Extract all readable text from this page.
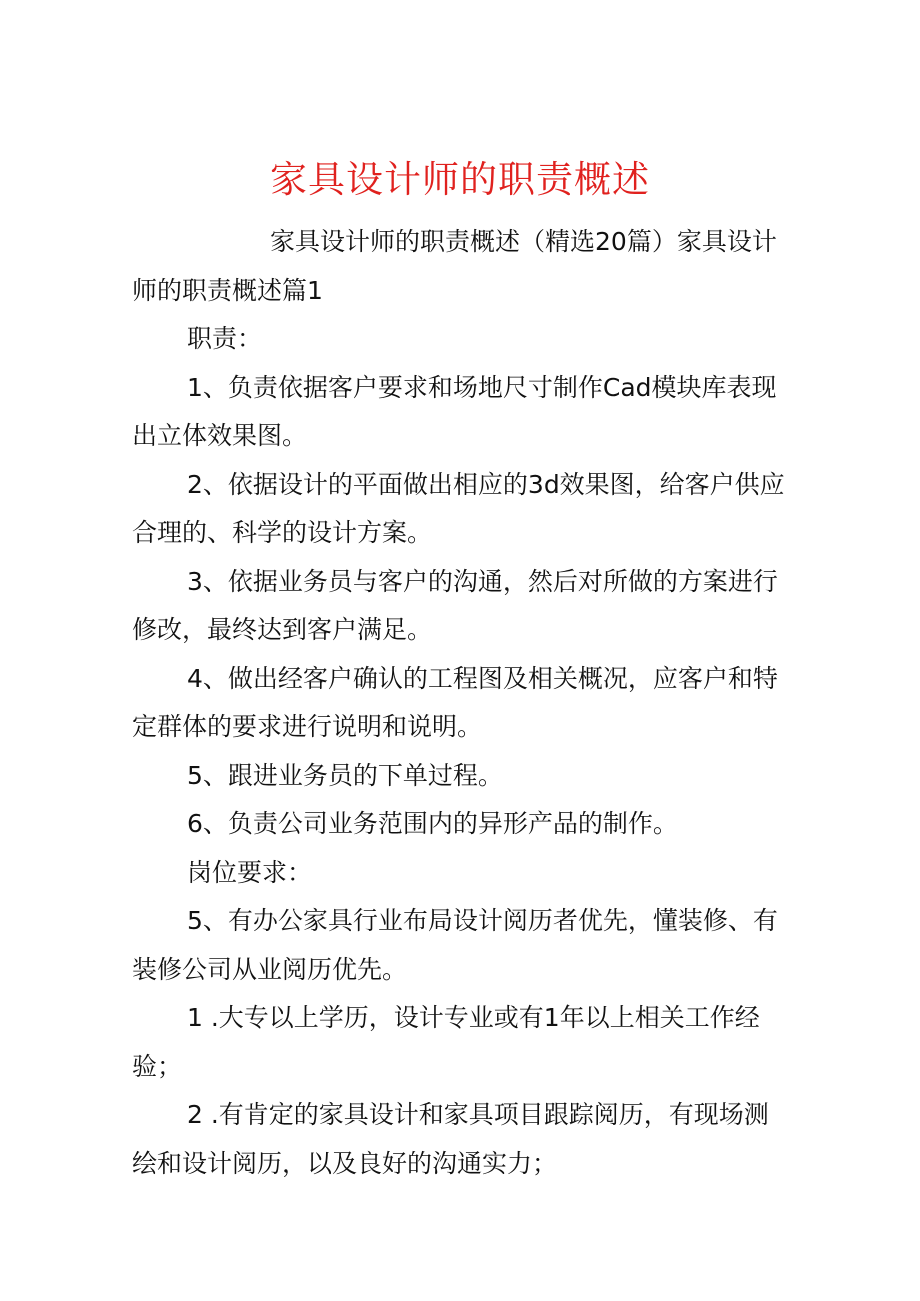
家具设计师的职责概述

家具设计师的职责概述（精选20篇）家具设计师的职责概述篇1

职责：

1、负责依据客户要求和场地尺寸制作Cad模块库表现出立体效果图。

2、依据设计的平面做出相应的3d效果图，给客户供应合理的、科学的设计方案。

3、依据业务员与客户的沟通，然后对所做的方案进行修改，最终达到客户满足。

4、做出经客户确认的工程图及相关概况，应客户和特定群体的要求进行说明和说明。

5、跟进业务员的下单过程。

6、负责公司业务范围内的异形产品的制作。

岗位要求：

5、有办公家具行业布局设计阅历者优先，懂装修、有装修公司从业阅历优先。

1 .大专以上学历，设计专业或有1年以上相关工作经验；

2 .有肯定的家具设计和家具项目跟踪阅历，有现场测绘和设计阅历，以及良好的沟通实力；
